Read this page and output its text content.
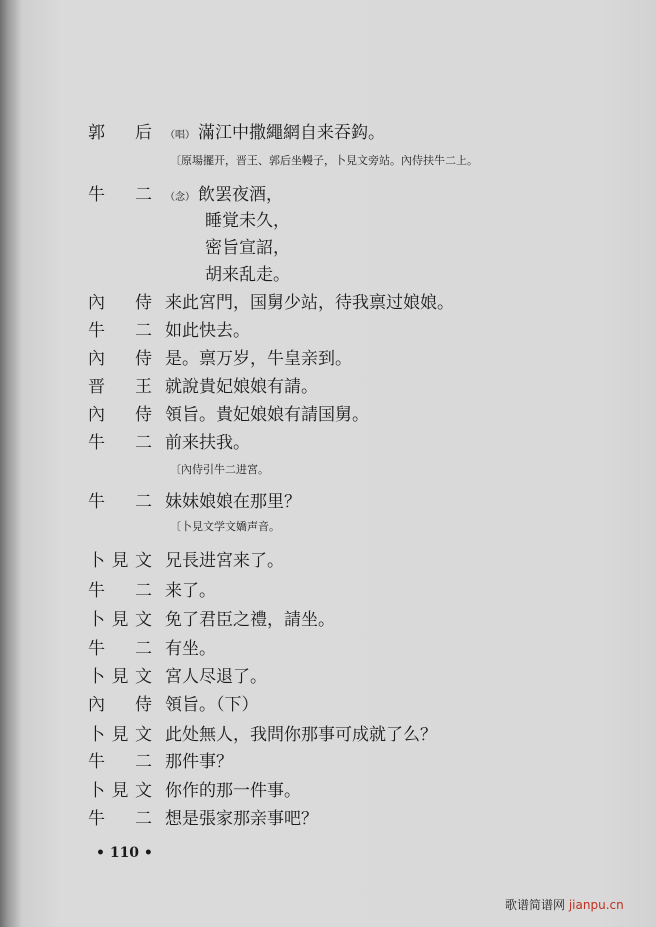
郭后	（唱） 滿江中撒繩網自来吞鈎。
〔原場擺开，晋王、郭后坐幔子，卜見文旁站。內侍扶牛二上。
牛二	（念） 飲罢夜酒，
睡覚未久，
密旨宣詔，
胡来乱走。
內侍 来此宮門，国舅少站，待我禀过娘娘。
牛二 如此快去。
內侍 是。禀万岁，牛皇亲到。
晋王 就說貴妃娘娘有請。
內侍 領旨。貴妃娘娘有請国舅。
牛二 前来扶我。
〔內侍引牛二进宮。
牛二 妹妹娘娘在那里？
〔卜見文学文嬌声音。
卜見文 兄長进宮来了。
牛二 来了。
卜見文 免了君臣之禮，請坐。
牛二 有坐。
卜見文 宮人尽退了。
內侍 領旨。（下）
卜見文 此处無人，我問你那事可成就了么？
牛二 那件事？
卜見文 你作的那一件事。
牛二 想是張家那亲事吧？
• 110 •
歌谱简谱网 jianpu.cn
